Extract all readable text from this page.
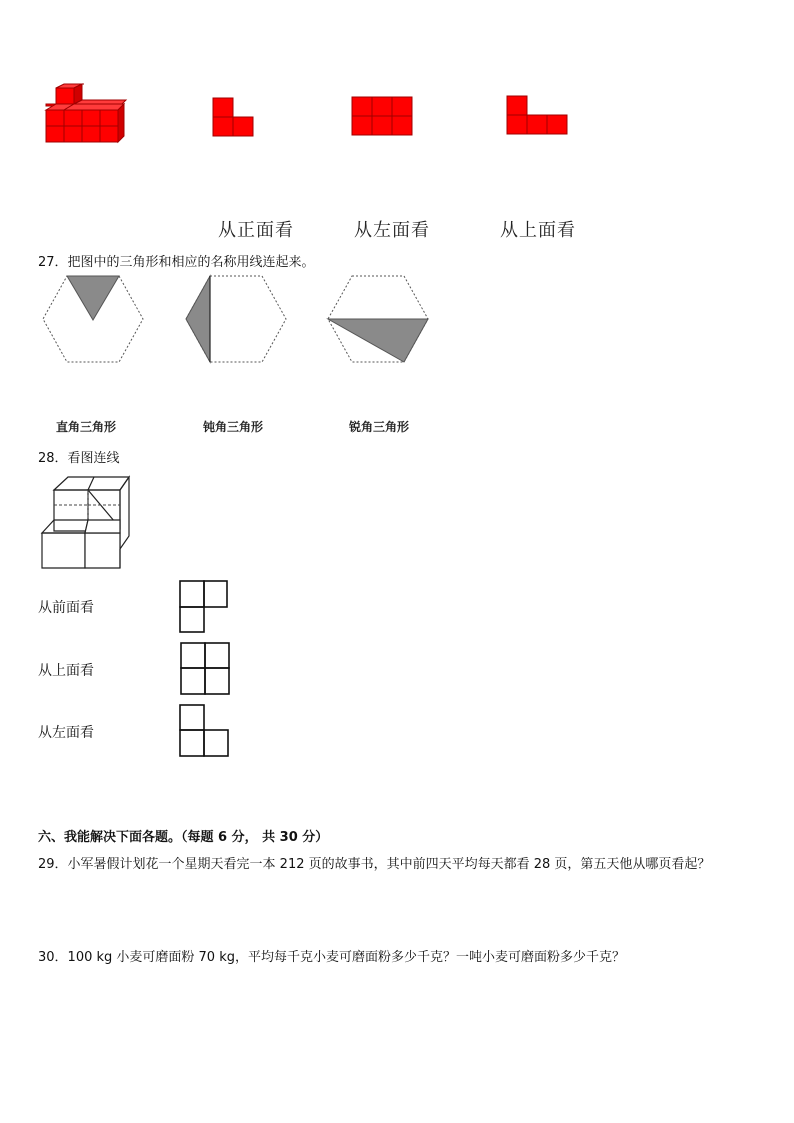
从正面看	从左面看	从上面看
27．把图中的三角形和相应的名称用线连起来。
直角三角形	钝角三角形	锐角三角形
28．看图连线
从前面看
从上面看
从左面看
六、我能解决下面各题。（每题 6 分， 共 30 分）
29．小军暑假计划花一个星期天看完一本 212 页的故事书，其中前四天平均每天都看 28 页，第五天他从哪页看起？
30．100 kg 小麦可磨面粉 70 kg，平均每千克小麦可磨面粉多少千克？一吨小麦可磨面粉多少千克？
